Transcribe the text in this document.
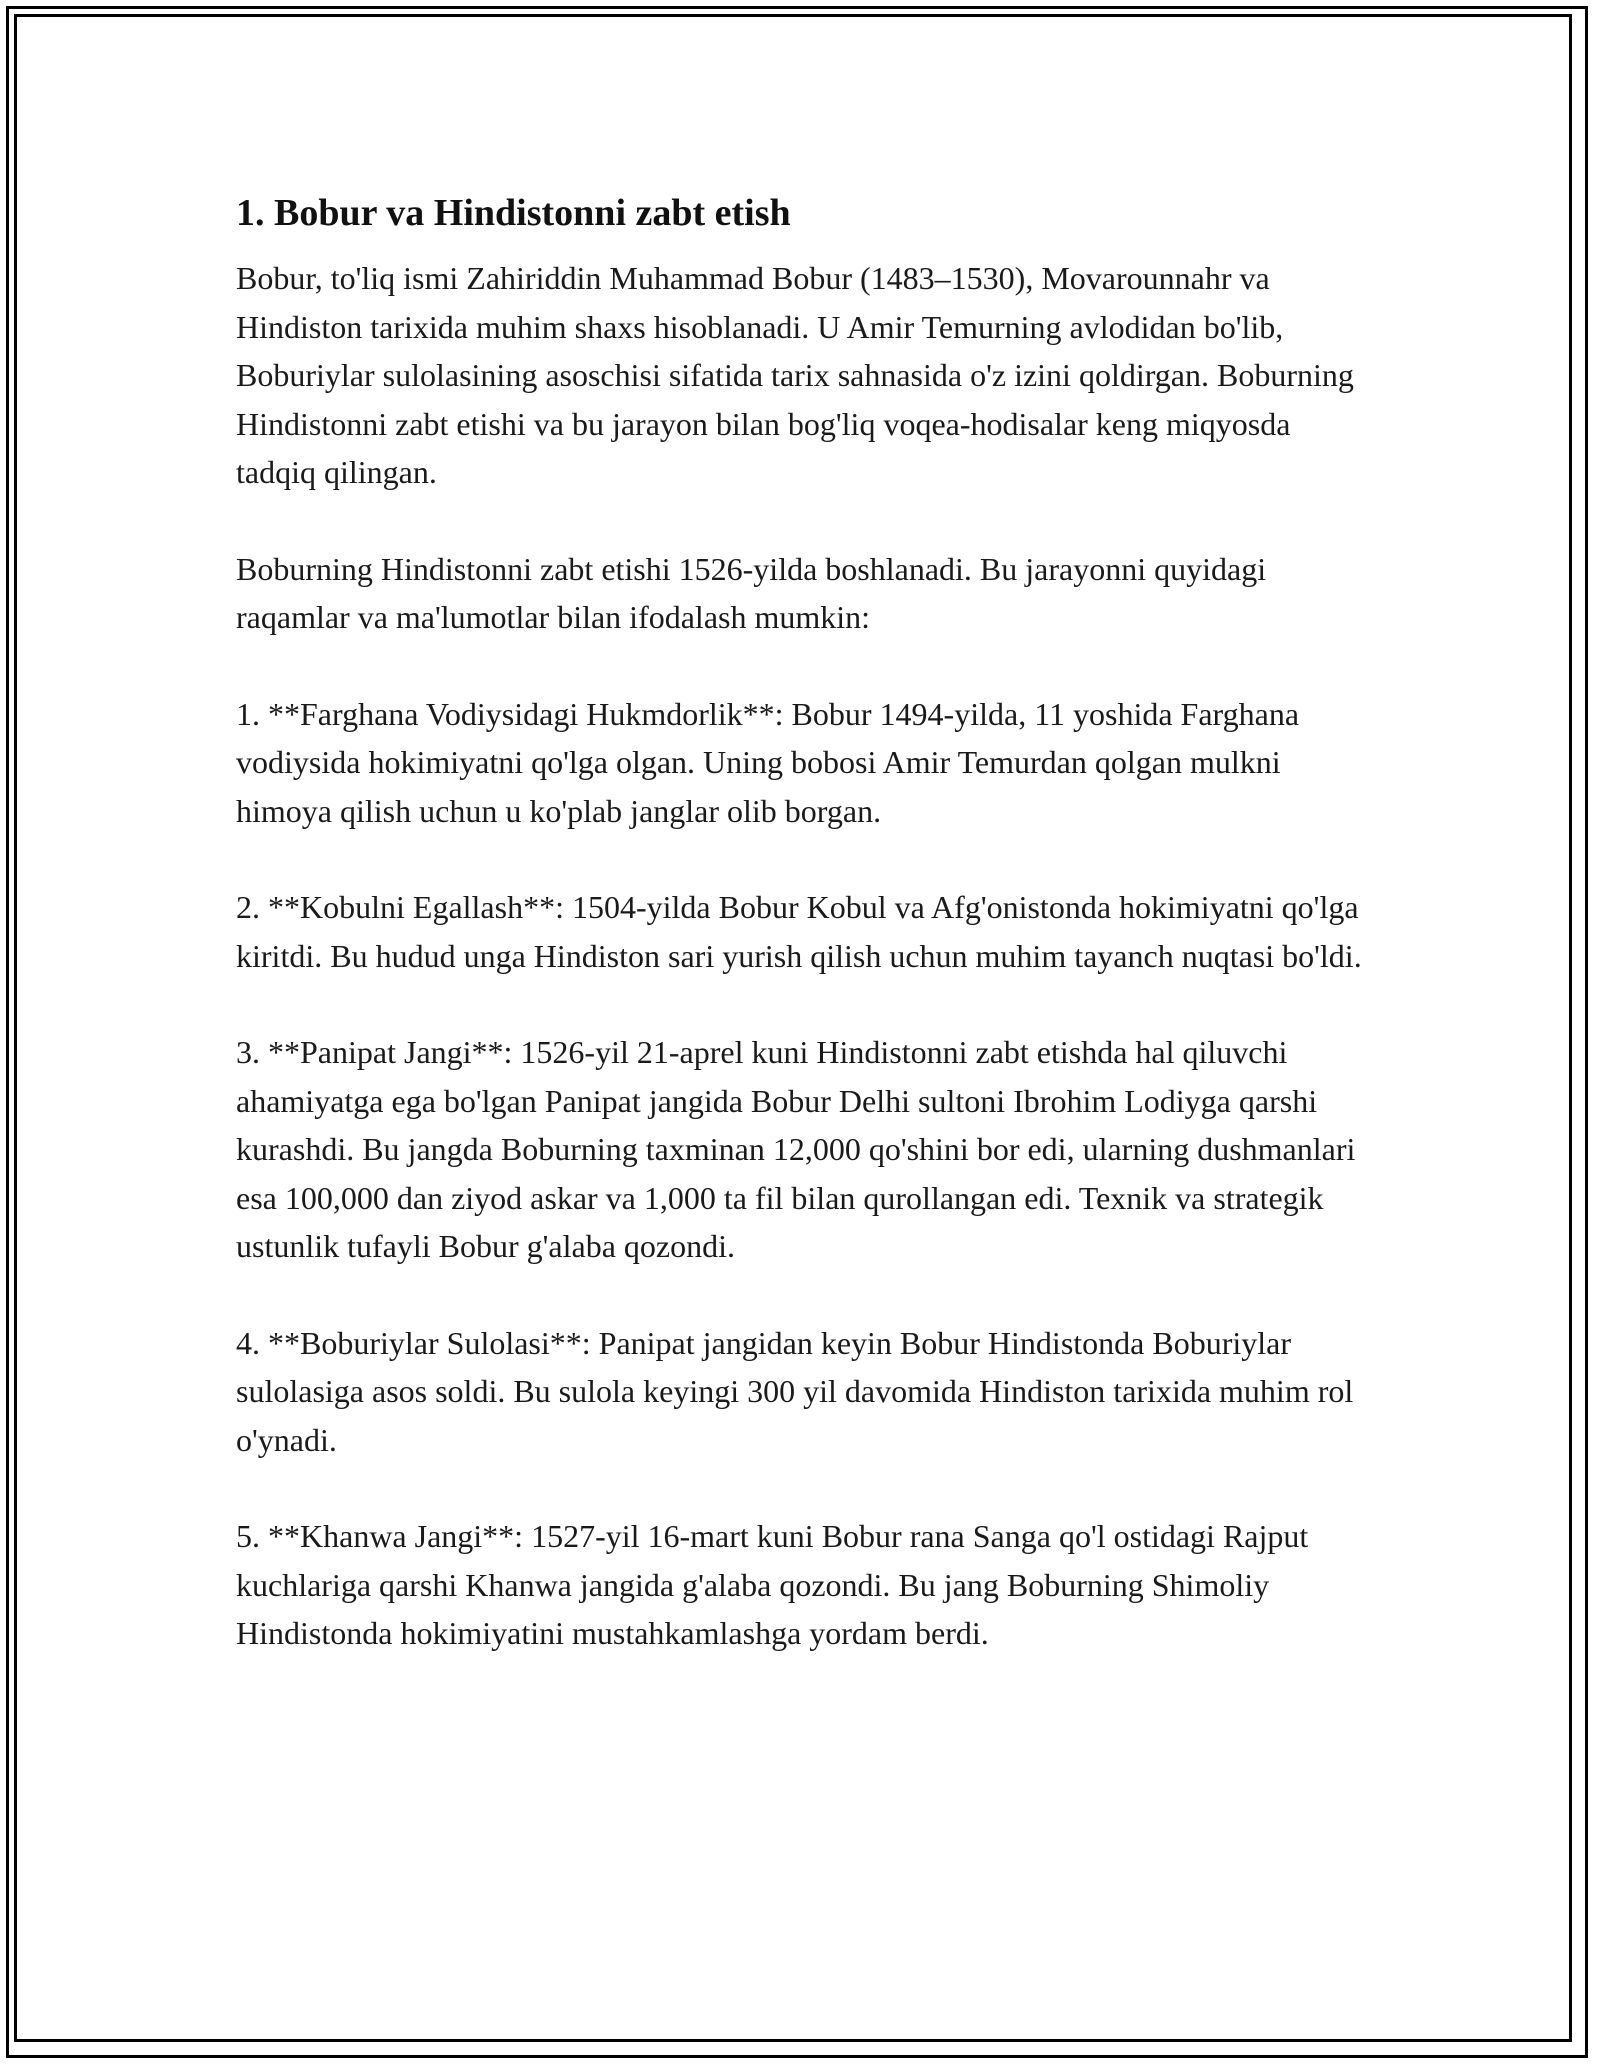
1. Bobur va Hindistonni zabt etish

Bobur, to'liq ismi Zahiriddin Muhammad Bobur (1483–1530), Movarounnahr va Hindiston tarixida muhim shaxs hisoblanadi. U Amir Temurning avlodidan bo'lib, Boburiylar sulolasining asoschisi sifatida tarix sahnasida o'z izini qoldirgan. Boburning Hindistonni zabt etishi va bu jarayon bilan bog'liq voqea-hodisalar keng miqyosda tadqiq qilingan.

Boburning Hindistonni zabt etishi 1526-yilda boshlanadi. Bu jarayonni quyidagi raqamlar va ma'lumotlar bilan ifodalash mumkin:

1. **Farghana Vodiysidagi Hukmdorlik**: Bobur 1494-yilda, 11 yoshida Farghana vodiysida hokimiyatni qo'lga olgan. Uning bobosi Amir Temurdan qolgan mulkni himoya qilish uchun u ko'plab janglar olib borgan.

2. **Kobulni Egallash**: 1504-yilda Bobur Kobul va Afg'onistonda hokimiyatni qo'lga kiritdi. Bu hudud unga Hindiston sari yurish qilish uchun muhim tayanch nuqtasi bo'ldi.

3. **Panipat Jangi**: 1526-yil 21-aprel kuni Hindistonni zabt etishda hal qiluvchi ahamiyatga ega bo'lgan Panipat jangida Bobur Delhi sultoni Ibrohim Lodiyga qarshi kurashdi. Bu jangda Boburning taxminan 12,000 qo'shini bor edi, ularning dushmanlari esa 100,000 dan ziyod askar va 1,000 ta fil bilan qurollangan edi. Texnik va strategik ustunlik tufayli Bobur g'alaba qozondi.

4. **Boburiylar Sulolasi**: Panipat jangidan keyin Bobur Hindistonda Boburiylar sulolasiga asos soldi. Bu sulola keyingi 300 yil davomida Hindiston tarixida muhim rol o'ynadi.

5. **Khanwa Jangi**: 1527-yil 16-mart kuni Bobur rana Sanga qo'l ostidagi Rajput kuchlariga qarshi Khanwa jangida g'alaba qozondi. Bu jang Boburning Shimoliy Hindistonda hokimiyatini mustahkamlashga yordam berdi.
